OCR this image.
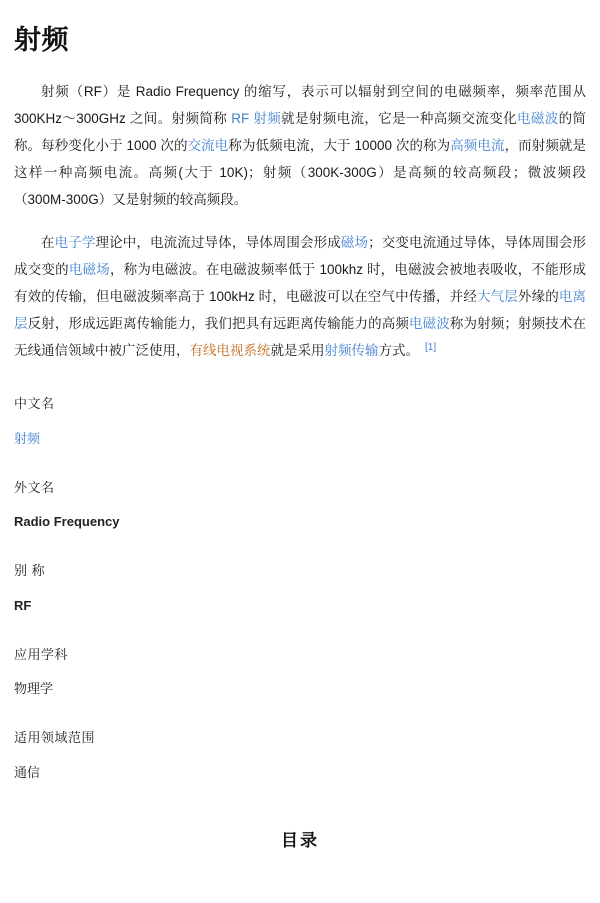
射频

射频（RF）是 Radio Frequency 的缩写，表示可以辐射到空间的电磁频率，频率范围从 300KHz～300GHz 之间。射频简称 RF 射频就是射频电流，它是一种高频交流变化电磁波的简称。每秒变化小于 1000 次的交流电称为低频电流，大于 10000 次的称为高频电流，而射频就是这样一种高频电流。高频(大于 10K)；射频（300K-300G）是高频的较高频段；微波频段（300M-300G）又是射频的较高频段。

在电子学理论中，电流流过导体，导体周围会形成磁场；交变电流通过导体，导体周围会形成交变的电磁场，称为电磁波。在电磁波频率低于 100khz 时，电磁波会被地表吸收，不能形成有效的传输，但电磁波频率高于 100kHz 时，电磁波可以在空气中传播，并经大气层外缘的电离层反射，形成远距离传输能力，我们把具有远距离传输能力的高频电磁波称为射频；射频技术在无线通信领域中被广泛使用，有线电视系统就是采用射频传输方式。 [1]

中文名
射频
外文名
Radio Frequency
别 称
RF
应用学科
物理学
适用领域范围
通信
目录
